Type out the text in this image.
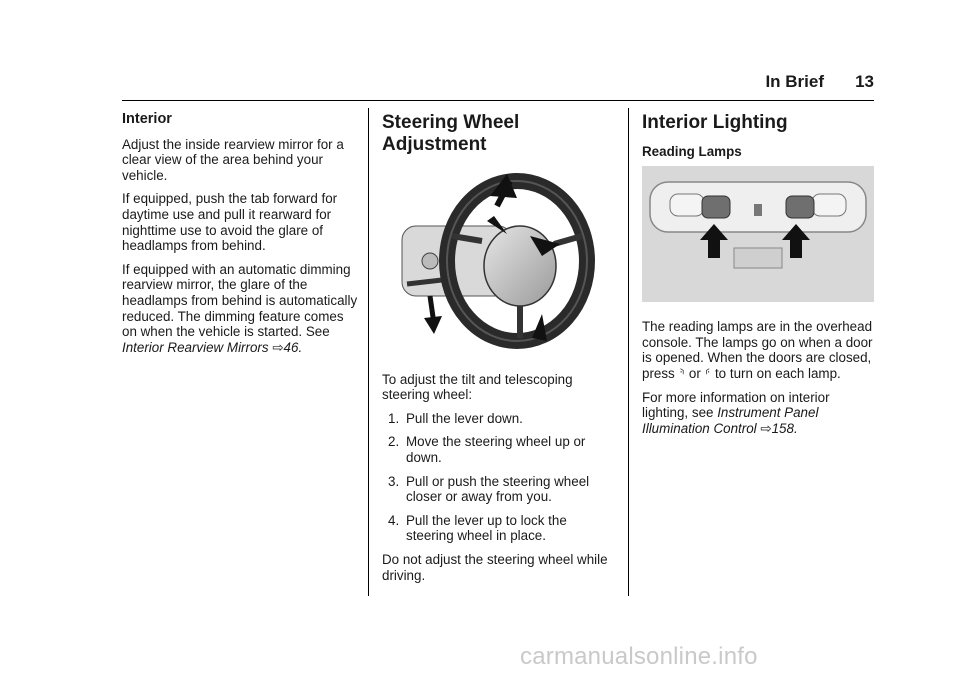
In Brief 13
Interior

Adjust the inside rearview mirror for a clear view of the area behind your vehicle.

If equipped, push the tab forward for daytime use and pull it rearward for nighttime use to avoid the glare of headlamps from behind.

If equipped with an automatic dimming rearview mirror, the glare of the headlamps from behind is automatically reduced. The dimming feature comes on when the vehicle is started. See Interior Rearview Mirrors ⇨46.

Steering Wheel Adjustment

To adjust the tilt and telescoping steering wheel:

1. Pull the lever down.
2. Move the steering wheel up or down.
3. Pull or push the steering wheel closer or away from you.
4. Pull the lever up to lock the steering wheel in place.

Do not adjust the steering wheel while driving.

Interior Lighting
Reading Lamps

The reading lamps are in the overhead console. The lamps go on when a door is opened. When the doors are closed, press ⸅ or ⸄ to turn on each lamp.

For more information on interior lighting, see Instrument Panel Illumination Control ⇨158.

carmanualsonline.info
